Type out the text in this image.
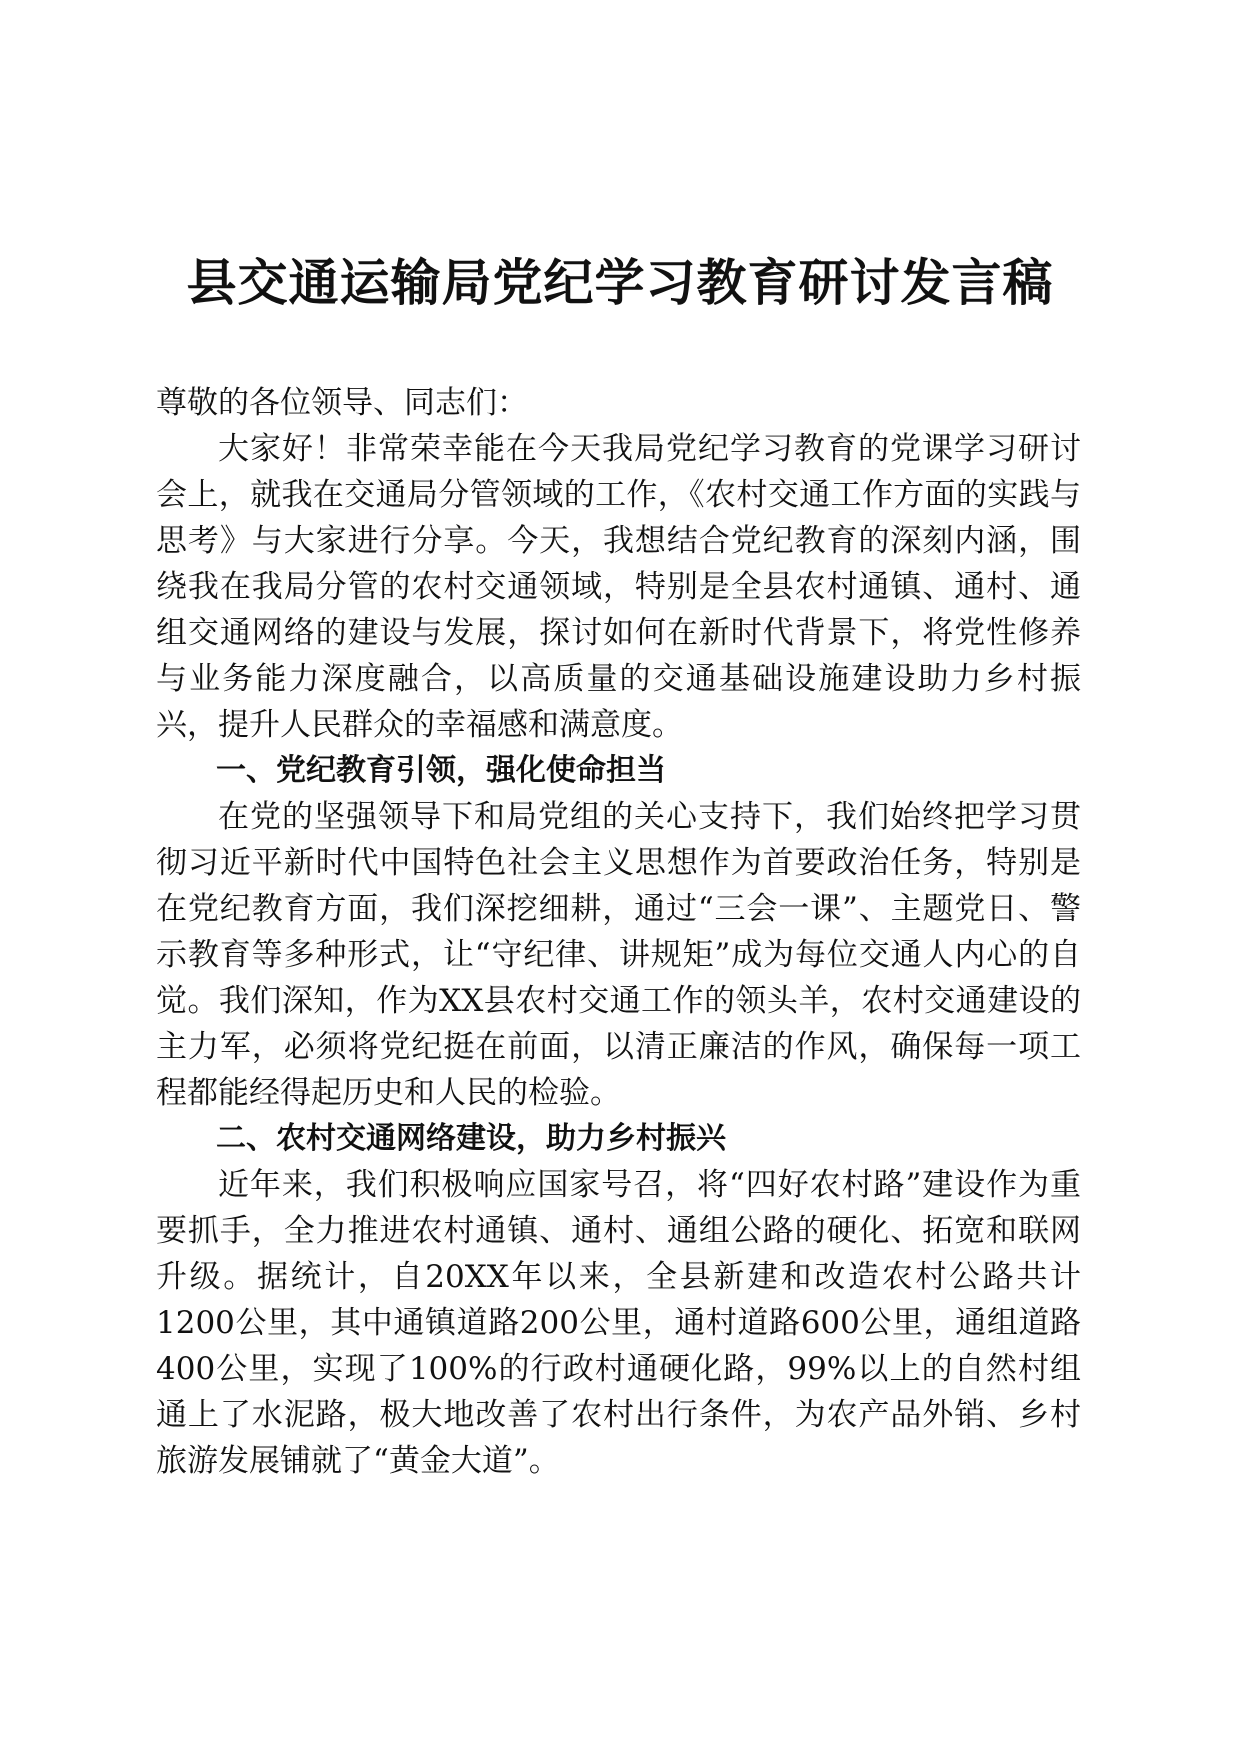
县交通运输局党纪学习教育研讨发言稿

尊敬的各位领导、同志们：

大家好！非常荣幸能在今天我局党纪学习教育的党课学习研讨会上，就我在交通局分管领域的工作，《农村交通工作方面的实践与思考》与大家进行分享。今天，我想结合党纪教育的深刻内涵，围绕我在我局分管的农村交通领域，特别是全县农村通镇、通村、通组交通网络的建设与发展，探讨如何在新时代背景下，将党性修养与业务能力深度融合，以高质量的交通基础设施建设助力乡村振兴，提升人民群众的幸福感和满意度。

一、党纪教育引领，强化使命担当

在党的坚强领导下和局党组的关心支持下，我们始终把学习贯彻习近平新时代中国特色社会主义思想作为首要政治任务，特别是在党纪教育方面，我们深挖细耕，通过“三会一课”、主题党日、警示教育等多种形式，让“守纪律、讲规矩”成为每位交通人内心的自觉。我们深知，作为XX县农村交通工作的领头羊，农村交通建设的主力军，必须将党纪挺在前面，以清正廉洁的作风，确保每一项工程都能经得起历史和人民的检验。

二、农村交通网络建设，助力乡村振兴

近年来，我们积极响应国家号召，将“四好农村路”建设作为重要抓手，全力推进农村通镇、通村、通组公路的硬化、拓宽和联网升级。据统计，自20XX年以来，全县新建和改造农村公路共计1200公里，其中通镇道路200公里，通村道路600公里，通组道路400公里，实现了100%的行政村通硬化路，99%以上的自然村组通上了水泥路，极大地改善了农村出行条件，为农产品外销、乡村旅游发展铺就了“黄金大道”。
